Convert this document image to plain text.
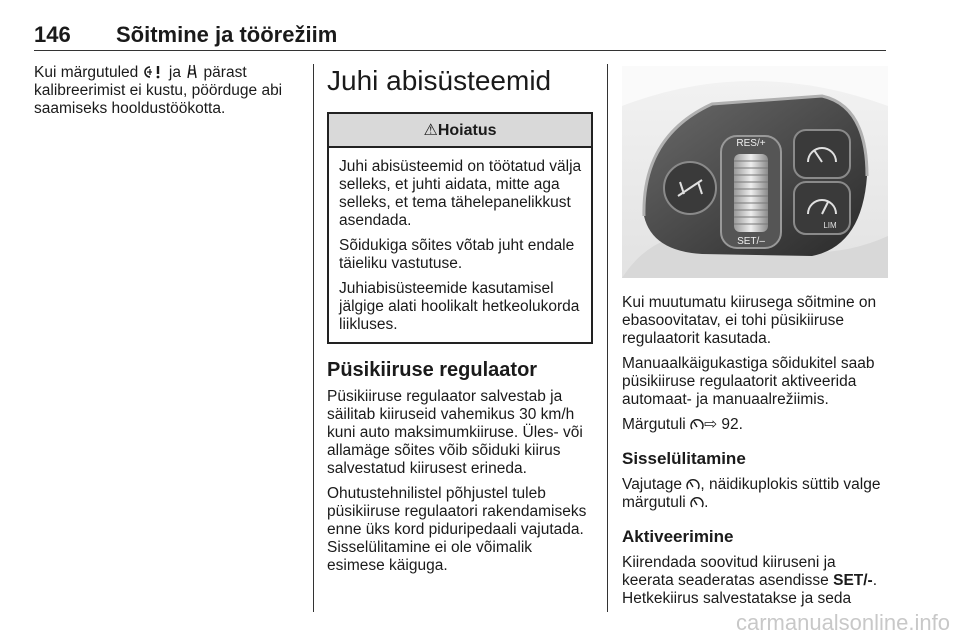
146 Sõitmine ja töörežiim

Kui märgutuled  ja  pärast kalibreerimist ei kustu, pöörduge abi saamiseks hooldustöökotta.

Juhi abisüsteemid
⚠Hoiatus

Juhi abisüsteemid on töötatud välja selleks, et juhti aidata, mitte aga selleks, et tema tähelepanelikkust asendada.

Sõidukiga sõites võtab juht endale täieliku vastutuse.

Juhiabisüsteemide kasutamisel jälgige alati hoolikalt hetkeolukorda liikluses.

Püsikiiruse regulaator

Püsikiiruse regulaator salvestab ja säilitab kiiruseid vahemikus 30 km/h kuni auto maksimumkiiruse. Üles- või allamäge sõites võib sõiduki kiirus salvestatud kiirusest erineda.

Ohutustehnilistel põhjustel tuleb püsikiiruse regulaatori rakendamiseks enne üks kord piduripedaali vajutada.

Sisselülitamine ei ole võimalik esimese käiguga.

RES/+
SET/–
LIM

Kui muutumatu kiirusega sõitmine on ebasoovitatav, ei tohi püsikiiruse regulaatorit kasutada.

Manuaalkäigukastiga sõidukitel saab püsikiiruse regulaatorit aktiveerida automaat- ja manuaalrežiimis.

Märgutuli ⇨ 92.

Sisselülitamine

Vajutage , näidikuplokis süttib valge märgutuli .

Aktiveerimine

Kiirendada soovitud kiiruseni ja keerata seaderatas asendisse SET/-. Hetkekiirus salvestatakse ja seda

carmanualsonline.info
